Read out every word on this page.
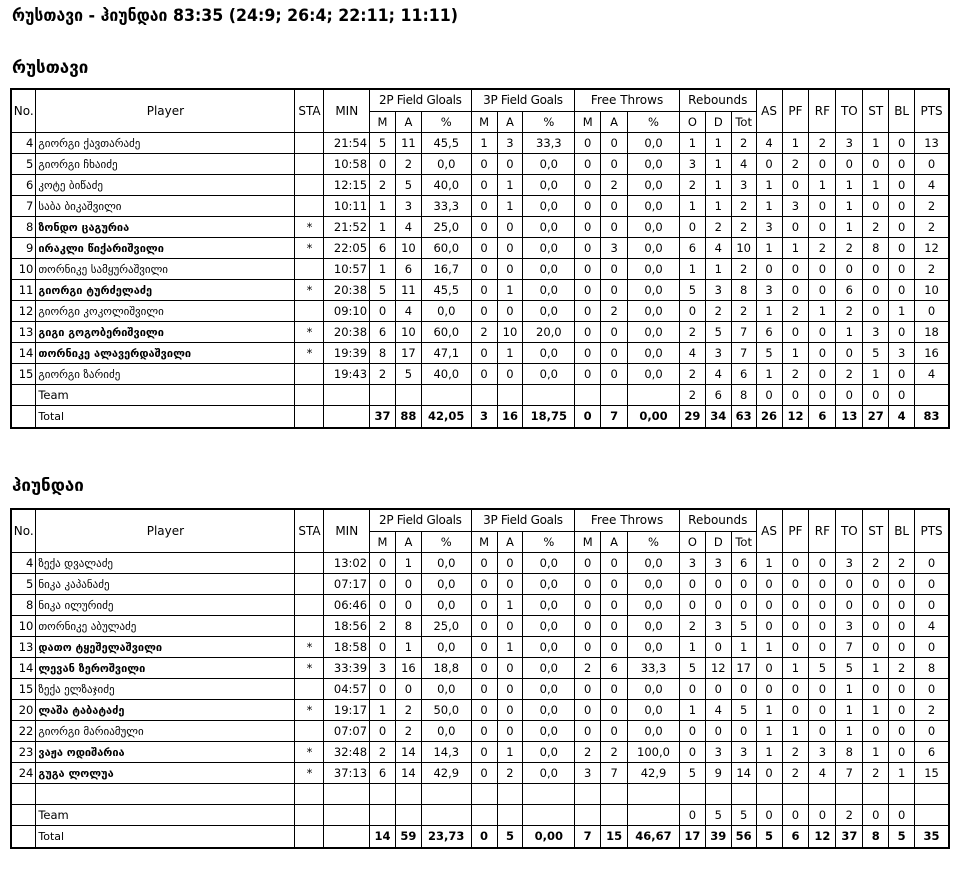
რუსთავი - ჰიუნდაი 83:35 (24:9; 26:4; 22:11; 11:11)
რუსთავი
No.	Player	STA	MIN	2P Field Gloals			3P Field Goals			Free Throws			Rebounds			AS	PF	RF	TO	ST	BL	PTS
				M	A	%	M	A	%	M	A	%	O	D	Tot							
4	გიორგი ქავთარაძე		21:54	5	11	45,5	1	3	33,3	0	0	0,0	1	1	2	4	1	2	3	1	0	13
5	გიორგი ჩხაიძე		10:58	0	2	0,0	0	0	0,0	0	0	0,0	3	1	4	0	2	0	0	0	0	0
6	კოტე ბიწაძე		12:15	2	5	40,0	0	1	0,0	0	2	0,0	2	1	3	1	0	1	1	1	0	4
7	საბა ბიკაშვილი		10:11	1	3	33,3	0	1	0,0	0	0	0,0	1	1	2	1	3	0	1	0	0	2
8	ზონდო ცაგურია	*	21:52	1	4	25,0	0	0	0,0	0	0	0,0	0	2	2	3	0	0	1	2	0	2
9	ირაკლი წიქარიშვილი	*	22:05	6	10	60,0	0	0	0,0	0	3	0,0	6	4	10	1	1	2	2	8	0	12
10	თორნიკე სამყურაშვილი		10:57	1	6	16,7	0	0	0,0	0	0	0,0	1	1	2	0	0	0	0	0	0	2
11	გიორგი ტურძელაძე	*	20:38	5	11	45,5	0	1	0,0	0	0	0,0	5	3	8	3	0	0	6	0	0	10
12	გიორგი კოკოლიშვილი		09:10	0	4	0,0	0	0	0,0	0	2	0,0	0	2	2	1	2	1	2	0	1	0
13	გიგი გოგობერიშვილი	*	20:38	6	10	60,0	2	10	20,0	0	0	0,0	2	5	7	6	0	0	1	3	0	18
14	თორნიკე ალავერდაშვილი	*	19:39	8	17	47,1	0	1	0,0	0	0	0,0	4	3	7	5	1	0	0	5	3	16
15	გიორგი ზარიძე		19:43	2	5	40,0	0	0	0,0	0	0	0,0	2	4	6	1	2	0	2	1	0	4
	Team												2	6	8	0	0	0	0	0	0	
	Total			37	88	42,05	3	16	18,75	0	7	0,00	29	34	63	26	12	6	13	27	4	83
ჰიუნდაი
No.	Player	STA	MIN	2P Field Gloals			3P Field Goals			Free Throws			Rebounds			AS	PF	RF	TO	ST	BL	PTS
				M	A	%	M	A	%	M	A	%	O	D	Tot							
4	ზექა დვალაძე		13:02	0	1	0,0	0	0	0,0	0	0	0,0	3	3	6	1	0	0	3	2	2	0
5	ნიკა კაპანაძე		07:17	0	0	0,0	0	0	0,0	0	0	0,0	0	0	0	0	0	0	0	0	0	0
8	ნიკა ილურიძე		06:46	0	0	0,0	0	1	0,0	0	0	0,0	0	0	0	0	0	0	0	0	0	0
10	თორნიკე აბულაძე		18:56	2	8	25,0	0	0	0,0	0	0	0,0	2	3	5	0	0	0	3	0	0	4
13	დათო ტყეშელაშვილი	*	18:58	0	1	0,0	0	1	0,0	0	0	0,0	1	0	1	1	0	0	7	0	0	0
14	ლევან ზეროშვილი	*	33:39	3	16	18,8	0	0	0,0	2	6	33,3	5	12	17	0	1	5	5	1	2	8
15	ზექა ელზაჯიძე		04:57	0	0	0,0	0	0	0,0	0	0	0,0	0	0	0	0	0	0	1	0	0	0
20	ლაშა ტაბატაძე	*	19:17	1	2	50,0	0	0	0,0	0	0	0,0	1	4	5	1	0	0	1	1	0	2
22	გიორგი მარიამული		07:07	0	2	0,0	0	0	0,0	0	0	0,0	0	0	0	1	1	0	1	0	0	0
23	ვაჟა ოდიშარია	*	32:48	2	14	14,3	0	1	0,0	2	2	100,0	0	3	3	1	2	3	8	1	0	6
24	გუგა ლოლუა	*	37:13	6	14	42,9	0	2	0,0	3	7	42,9	5	9	14	0	2	4	7	2	1	15

	Team												0	5	5	0	0	0	2	0	0	
	Total			14	59	23,73	0	5	0,00	7	15	46,67	17	39	56	5	6	12	37	8	5	35
